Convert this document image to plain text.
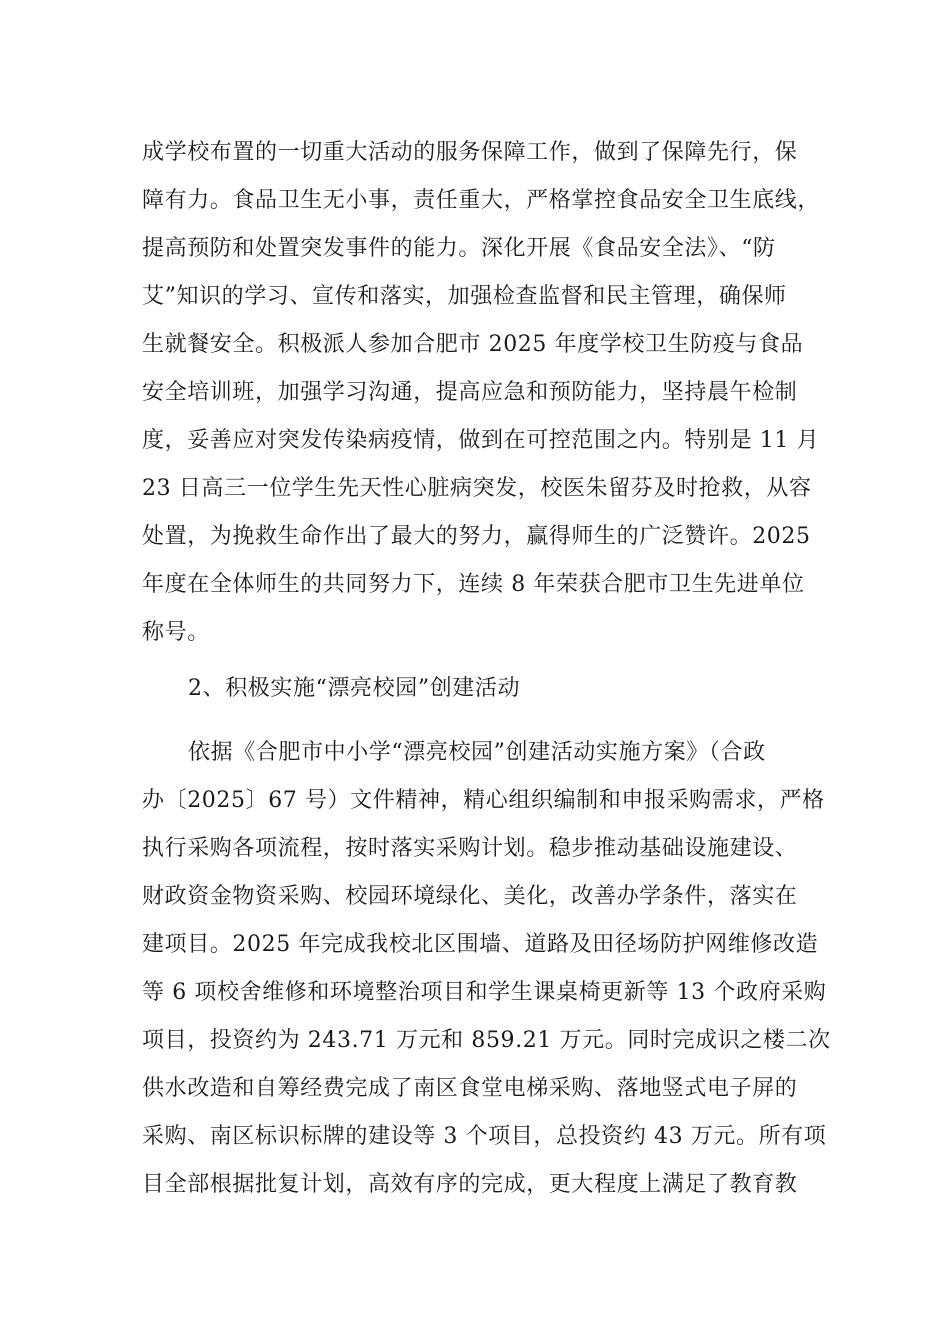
成学校布置的一切重大活动的服务保障工作，做到了保障先行，保
障有力。食品卫生无小事，责任重大，严格掌控食品安全卫生底线，
提高预防和处置突发事件的能力。深化开展《食品安全法》、“防
艾”知识的学习、宣传和落实，加强检查监督和民主管理，确保师
生就餐安全。积极派人参加合肥市 2025 年度学校卫生防疫与食品
安全培训班，加强学习沟通，提高应急和预防能力，坚持晨午检制
度，妥善应对突发传染病疫情，做到在可控范围之内。特别是 11 月
23 日高三一位学生先天性心脏病突发，校医朱留芬及时抢救，从容
处置，为挽救生命作出了最大的努力，赢得师生的广泛赞许。2025
年度在全体师生的共同努力下，连续 8 年荣获合肥市卫生先进单位
称号。
2、积极实施“漂亮校园”创建活动
依据《合肥市中小学“漂亮校园”创建活动实施方案》（合政
办〔2025〕67 号）文件精神，精心组织编制和申报采购需求，严格
执行采购各项流程，按时落实采购计划。稳步推动基础设施建设、
财政资金物资采购、校园环境绿化、美化，改善办学条件，落实在
建项目。2025 年完成我校北区围墙、道路及田径场防护网维修改造
等 6 项校舍维修和环境整治项目和学生课桌椅更新等 13 个政府采购
项目，投资约为 243.71 万元和 859.21 万元。同时完成识之楼二次
供水改造和自筹经费完成了南区食堂电梯采购、落地竖式电子屏的
采购、南区标识标牌的建设等 3 个项目，总投资约 43 万元。所有项
目全部根据批复计划，高效有序的完成，更大程度上满足了教育教
